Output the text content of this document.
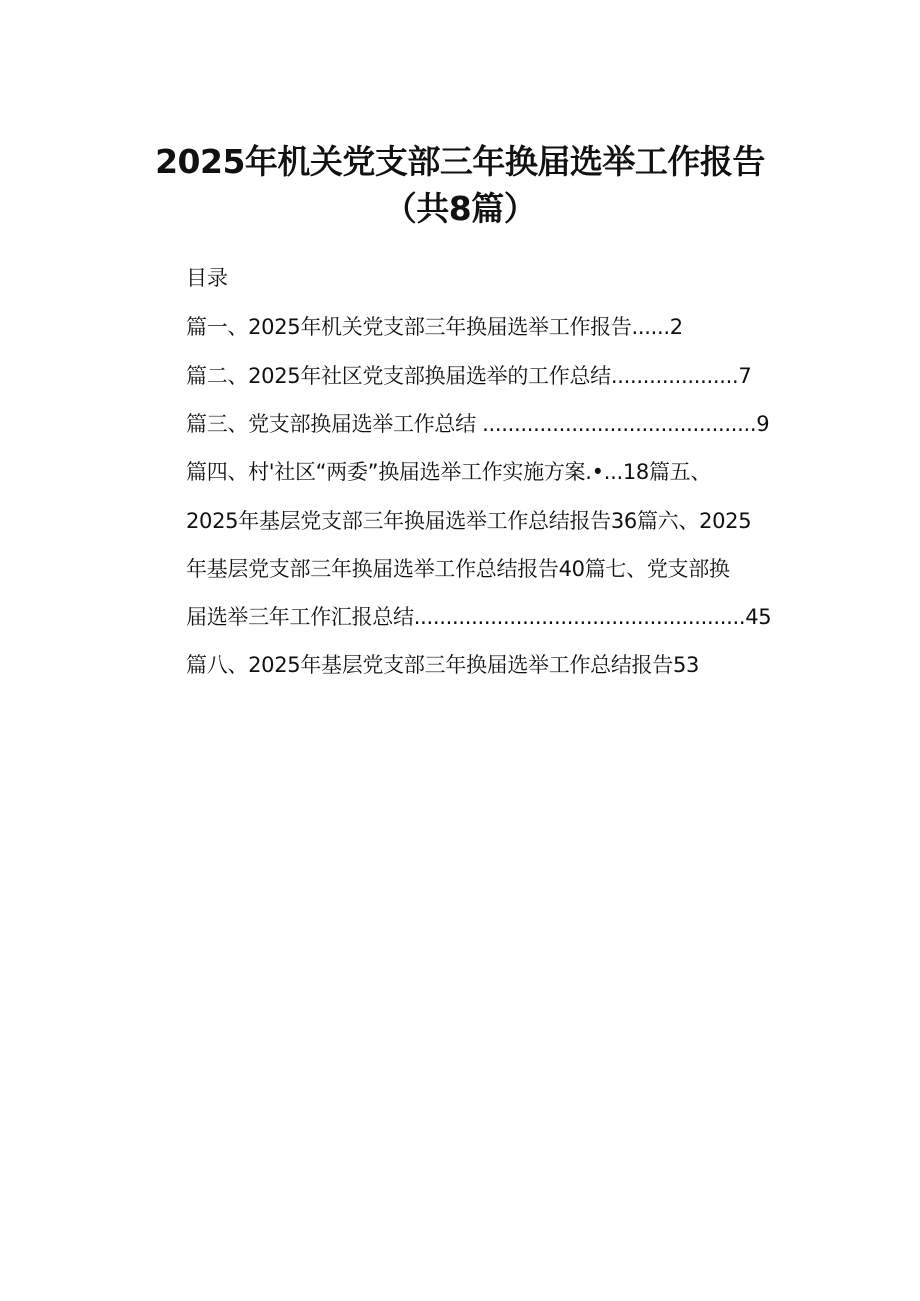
2025年机关党支部三年换届选举工作报告
（共8篇）
目录
篇一、2025年机关党支部三年换届选举工作报告......2
篇二、2025年社区党支部换届选举的工作总结....................7
篇三、党支部换届选举工作总结 ...........................................9
篇四、村'社区“两委”换届选举工作实施方案.•...18篇五、
2025年基层党支部三年换届选举工作总结报告36篇六、2025
年基层党支部三年换届选举工作总结报告40篇七、党支部换
届选举三年工作汇报总结....................................................45
篇八、2025年基层党支部三年换届选举工作总结报告53
